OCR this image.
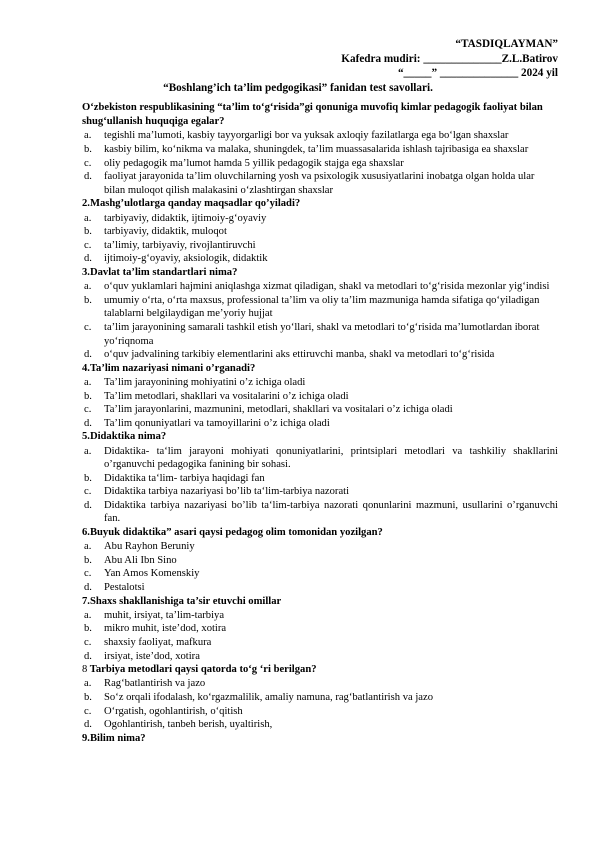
“TASDIQLAYMAN”
Kafedra mudiri: ______________Z.L.Batirov
“_____” ______________ 2024 yil
“Boshlang’ich ta’lim pedgogikasi” fanidan test savollari.

O‘zbekiston respublikasining “ta’lim to‘g‘risida”gi qonuniga muvofiq kimlar pedagogik faoliyat bilan shug‘ullanish huquqiga egalar?

a. tegishli ma’lumoti, kasbiy tayyorgarligi bor va yuksak axloqiy fazilatlarga ega bo‘lgan shaxslar
b. kasbiy bilim, ko‘nikma va malaka, shuningdek, ta’lim muassasalarida ishlash tajribasiga ea shaxslar
c. oliy pedagogik ma’lumot hamda 5 yillik pedagogik stajga ega shaxslar
d. faoliyat jarayonida ta’lim oluvchilarning yosh va psixologik xususiyatlarini inobatga olgan holda ular bilan muloqot qilish malakasini o‘zlashtirgan shaxslar

2.Mashg’ulotlarga qanday maqsadlar qo’yiladi?

a. tarbiyaviy, didaktik, ijtimoiy-g‘oyaviy
b. tarbiyaviy, didaktik, muloqot
c. ta’limiy, tarbiyaviy, rivojlantiruvchi
d. ijtimoiy-g‘oyaviy, aksiologik, didaktik

3.Davlat ta’lim standartlari nima?

a. o‘quv yuklamlari hajmini aniqlashga xizmat qiladigan, shakl va metodlari to‘g‘risida mezonlar yig‘indisi
b. umumiy o‘rta, o‘rta maxsus, professional ta’lim va oliy ta’lim mazmuniga hamda sifatiga qo‘yiladigan talablarni belgilaydigan me’yoriy hujjat
c. ta’lim jarayonining samarali tashkil etish yo‘llari, shakl va metodlari to‘g‘risida ma’lumotlardan iborat yo‘riqnoma
d. o‘quv jadvalining tarkibiy elementlarini aks ettiruvchi manba, shakl va metodlari to‘g‘risida

4.Ta’lim nazariyasi nimani o’rganadi?

a. Ta’lim jarayonining mohiyatini o’z ichiga oladi
b. Ta’lim metodlari, shakllari va vositalarini o’z ichiga oladi
c. Ta’lim jarayonlarini, mazmunini, metodlari, shakllari va vositalari o’z ichiga oladi
d. Ta’lim qonuniyatlari va tamoyillarini o’z ichiga oladi

5.Didaktika nima?

a. Didaktika- ta‘lim jarayoni mohiyati qonuniyatlarini, printsiplari metodlari va tashkiliy shakllarini o’rganuvchi pedagogika fanining bir sohasi.
b. Didaktika ta‘lim- tarbiya haqidagi fan
c. Didaktika tarbiya nazariyasi bo’lib ta‘lim-tarbiya nazorati
d. Didaktika tarbiya nazariyasi bo’lib ta‘lim-tarbiya nazorati qonunlarini mazmuni, usullarini o’rganuvchi fan.

6.Buyuk didaktika” asari qaysi pedagog olim tomonidan yozilgan?

a. Abu Rayhon Beruniy
b. Abu Ali Ibn Sino
c. Yan Amos Komenskiy
d. Pestalotsi

7.Shaxs shakllanishiga ta’sir etuvchi omillar

a. muhit, irsiyat, ta’lim-tarbiya
b. mikro muhit, iste’dod, xotira
c. shaxsiy faoliyat, mafkura
d. irsiyat, iste’dod, xotira

8 Tarbiya metodlari qaysi qatorda to‘g ‘ri berilgan?

a. Rag‘batlantirish va jazo
b. So‘z orqali ifodalash, ko‘rgazmalilik, amaliy namuna, rag‘batlantirish va jazo
c. O‘rgatish, ogohlantirish, o‘qitish
d. Ogohlantirish, tanbeh berish, uyaltirish,

9.Bilim nima?
